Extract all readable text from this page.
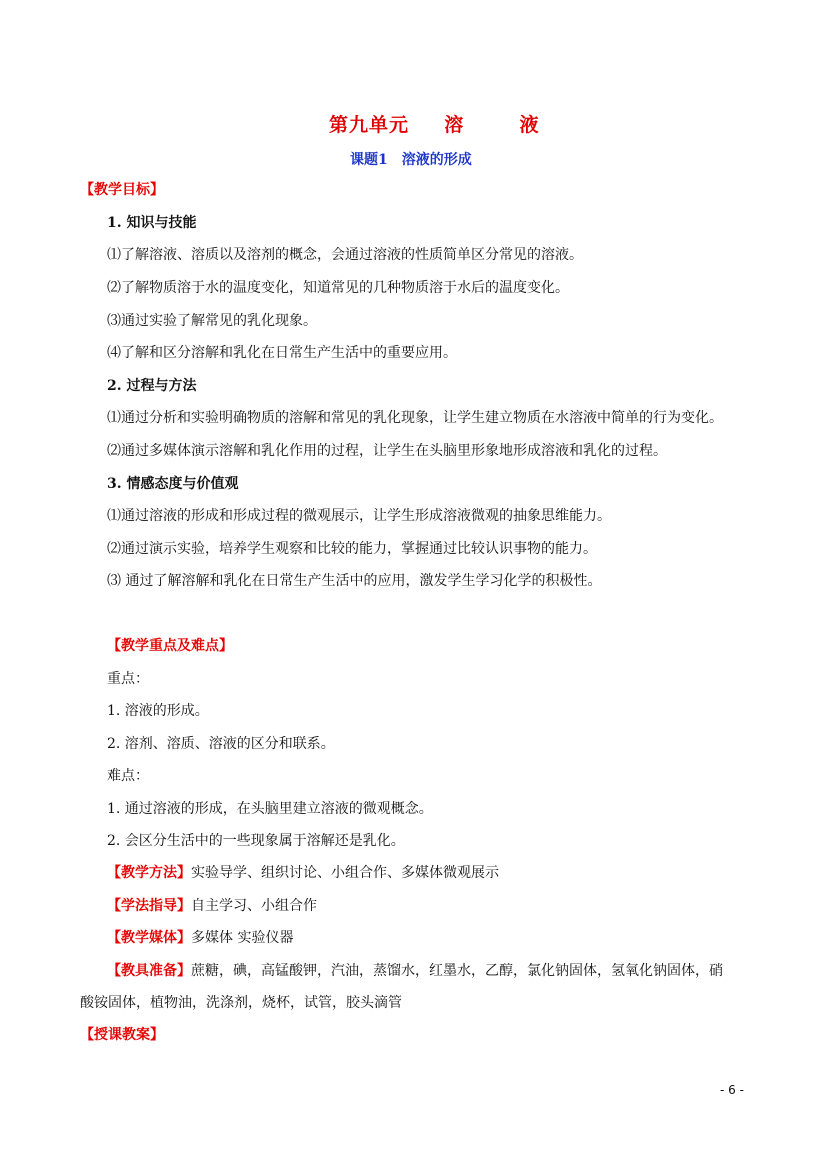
第九单元 溶	液
课题1　溶液的形成
【教学目标】
1. 知识与技能
⑴了解溶液、溶质以及溶剂的概念，会通过溶液的性质简单区分常见的溶液。
⑵了解物质溶于水的温度变化，知道常见的几种物质溶于水后的温度变化。
⑶通过实验了解常见的乳化现象。
⑷了解和区分溶解和乳化在日常生产生活中的重要应用。
2. 过程与方法
⑴通过分析和实验明确物质的溶解和常见的乳化现象，让学生建立物质在水溶液中简单的行为变化。
⑵通过多媒体演示溶解和乳化作用的过程，让学生在头脑里形象地形成溶液和乳化的过程。
3. 情感态度与价值观
⑴通过溶液的形成和形成过程的微观展示，让学生形成溶液微观的抽象思维能力。
⑵通过演示实验，培养学生观察和比较的能力，掌握通过比较认识事物的能力。
⑶ 通过了解溶解和乳化在日常生产生活中的应用，激发学生学习化学的积极性。
【教学重点及难点】
重点：
1. 溶液的形成。
2. 溶剂、溶质、溶液的区分和联系。
难点：
1. 通过溶液的形成，在头脑里建立溶液的微观概念。
2. 会区分生活中的一些现象属于溶解还是乳化。
【教学方法】实验导学、组织讨论、小组合作、多媒体微观展示
【学法指导】自主学习、小组合作
【教学媒体】多媒体 实验仪器
【教具准备】蔗糖，碘，高锰酸钾，汽油，蒸馏水，红墨水，乙醇，氯化钠固体，氢氧化钠固体，硝
酸铵固体，植物油，洗涤剂，烧杯，试管，胶头滴管
【授课教案】
- 6 -
